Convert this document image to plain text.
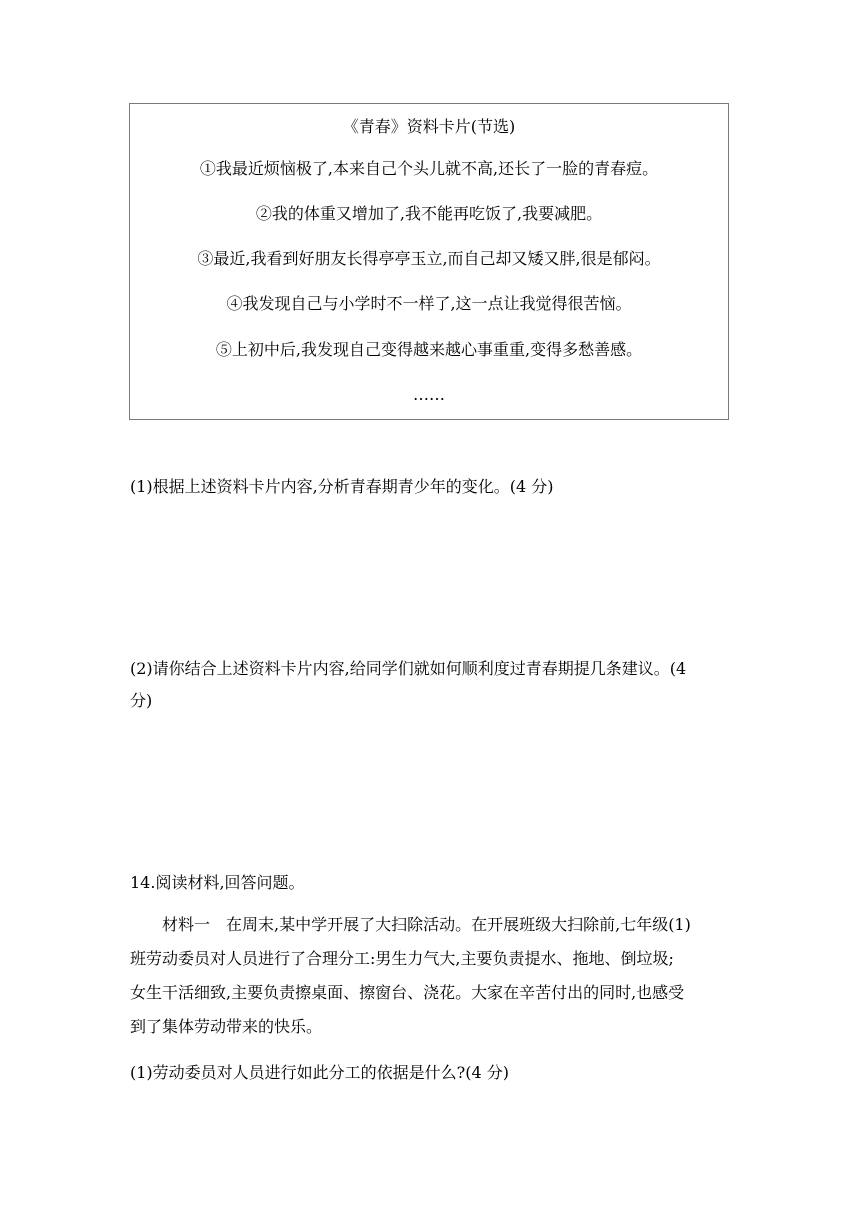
《青春》资料卡片(节选)
①我最近烦恼极了,本来自己个头儿就不高,还长了一脸的青春痘。
②我的体重又增加了,我不能再吃饭了,我要减肥。
③最近,我看到好朋友长得亭亭玉立,而自己却又矮又胖,很是郁闷。
④我发现自己与小学时不一样了,这一点让我觉得很苦恼。
⑤上初中后,我发现自己变得越来越心事重重,变得多愁善感。
……
(1)根据上述资料卡片内容,分析青春期青少年的变化。(4 分)
(2)请你结合上述资料卡片内容,给同学们就如何顺利度过青春期提几条建议。(4
分)
14.阅读材料,回答问题。
材料一 在周末,某中学开展了大扫除活动。在开展班级大扫除前,七年级(1)
班劳动委员对人员进行了合理分工:男生力气大,主要负责提水、拖地、倒垃圾;
女生干活细致,主要负责擦桌面、擦窗台、浇花。大家在辛苦付出的同时,也感受
到了集体劳动带来的快乐。
(1)劳动委员对人员进行如此分工的依据是什么?(4 分)
